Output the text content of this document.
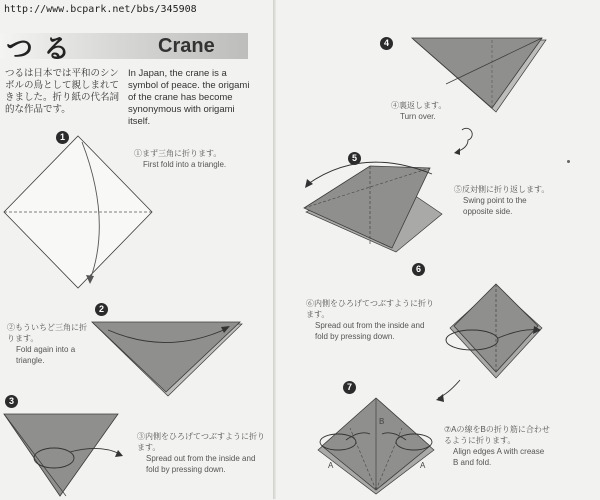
http://www.bcpark.net/bbs/345908
つる	Crane
つるは日本では平和のシンボルの鳥として親しまれてきました。折り紙の代名詞的な作品です。
In Japan, the crane is a symbol of peace. the origami of the crane has become synonymous with origami itself.
1
①まず三角に折ります。
First fold into a triangle.
2
②もういちど三角に折ります。
Fold again into a triangle.
3
③内側をひろげてつぶすように折ります。
Spread out from the inside and fold by pressing down.
4
④裏返します。
Turn over.
5
⑤反対側に折り返します。
Swing point to the opposite side.
6
⑥内側をひろげてつぶすように折ります。
Spread out from the inside and fold by pressing down.
7
A	A
B
⑦Aの線をBの折り筋に合わせるように折ります。
Align edges A with crease B and fold.
